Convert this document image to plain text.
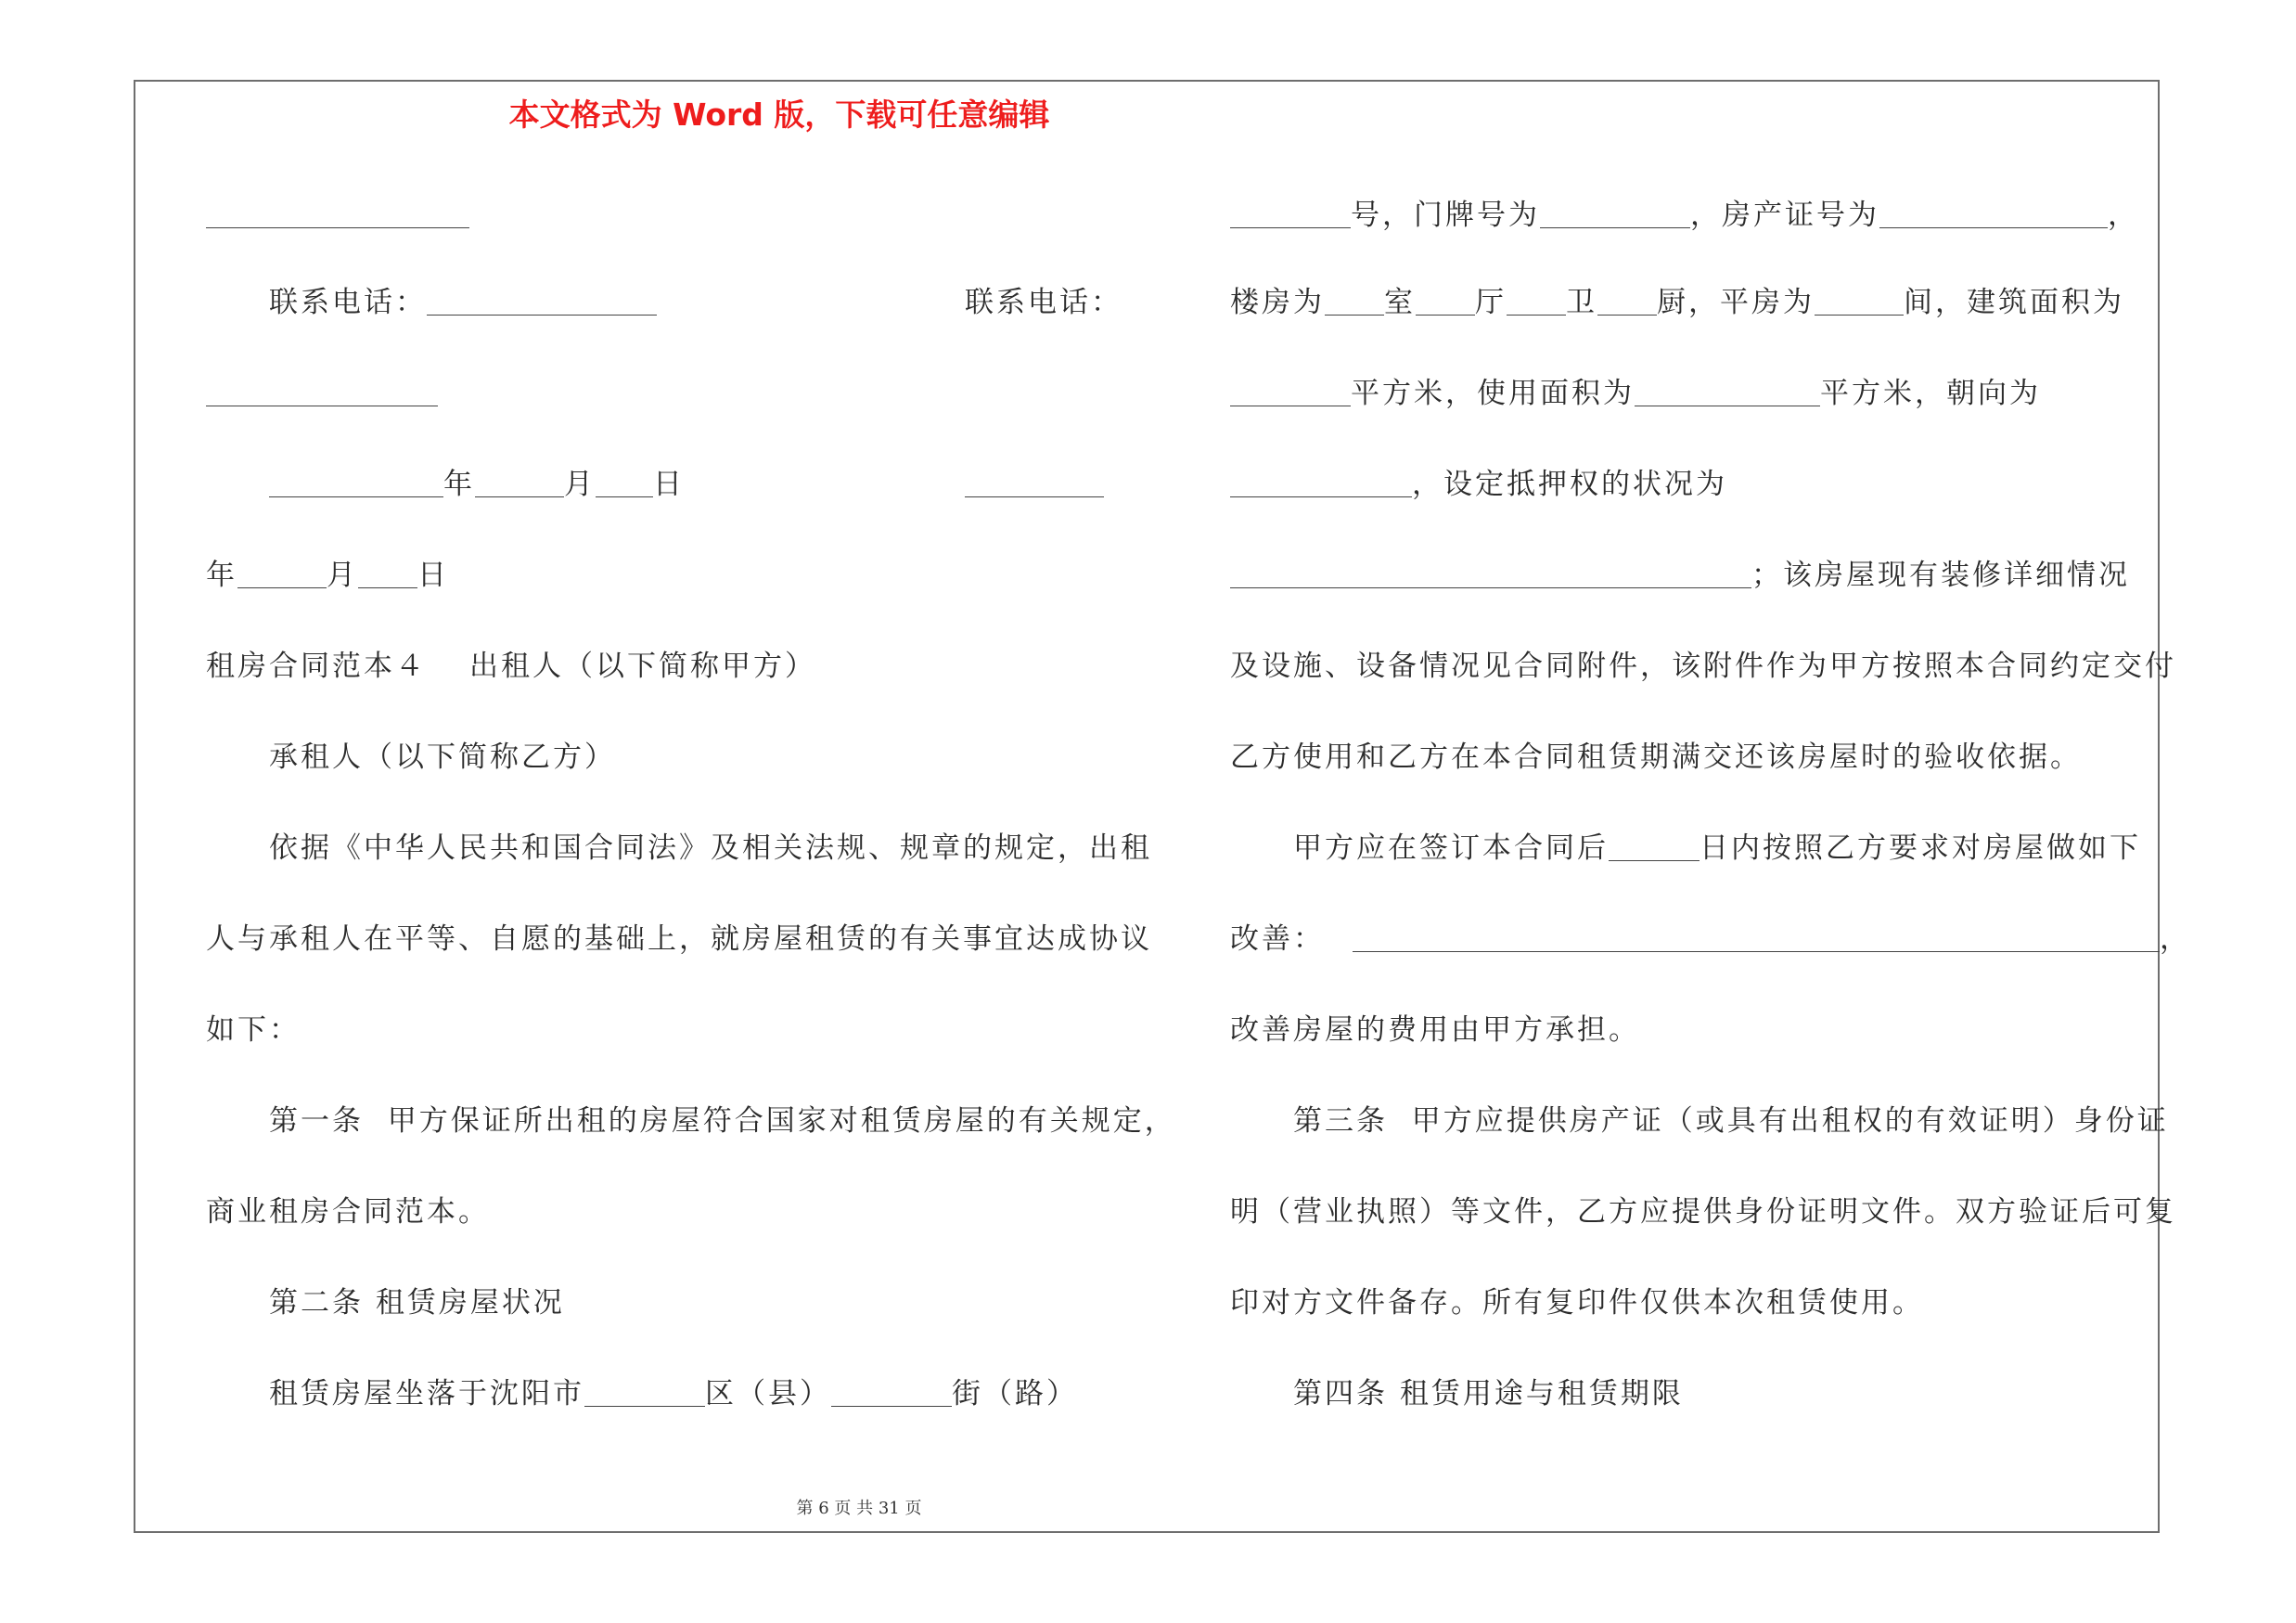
本文格式为 Word 版，下载可任意编辑
联系电话：	联系电话：
年	月 日
年	月 日
租房合同范本４ 出租人（以下简称甲方）
承租人（以下简称乙方）
依据《中华人民共和国合同法》及相关法规、规章的规定，出租
人与承租人在平等、自愿的基础上，就房屋租赁的有关事宜达成协议
如下：
第一条  甲方保证所出租的房屋符合国家对租赁房屋的有关规定，
商业租房合同范本。
第二条 租赁房屋状况
租赁房屋坐落于沈阳市	区（县）	街（路）
号，门牌号为	，房产证号为	，
楼房为 室 厅 卫 厨，平房为	间，建筑面积为
平方米，使用面积为	平方米，朝向为
，设定抵押权的状况为
；该房屋现有装修详细情况
及设施、设备情况见合同附件，该附件作为甲方按照本合同约定交付
乙方使用和乙方在本合同租赁期满交还该房屋时的验收依据。
甲方应在签订本合同后	日内按照乙方要求对房屋做如下
改善：	，
改善房屋的费用由甲方承担。
第三条  甲方应提供房产证（或具有出租权的有效证明）身份证
明（营业执照）等文件，乙方应提供身份证明文件。双方验证后可复
印对方文件备存。所有复印件仅供本次租赁使用。
第四条 租赁用途与租赁期限
第 6 页 共 31 页
